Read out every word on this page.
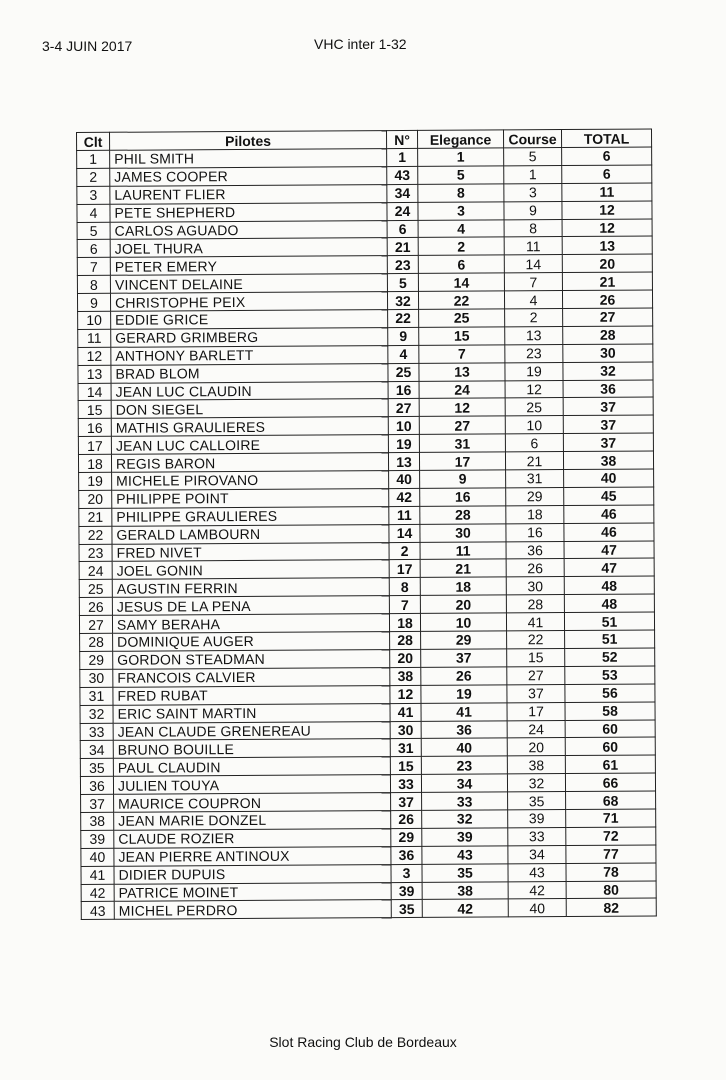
3-4 JUIN 2017	VHC inter 1-32
Clt	Pilotes	N°	Elegance	Course	TOTAL
1	PHIL SMITH	1	1	5	6
2	JAMES COOPER	43	5	1	6
3	LAURENT FLIER	34	8	3	11
4	PETE SHEPHERD	24	3	9	12
5	CARLOS AGUADO	6	4	8	12
6	JOEL THURA	21	2	11	13
7	PETER EMERY	23	6	14	20
8	VINCENT DELAINE	5	14	7	21
9	CHRISTOPHE PEIX	32	22	4	26
10	EDDIE GRICE	22	25	2	27
11	GERARD GRIMBERG	9	15	13	28
12	ANTHONY BARLETT	4	7	23	30
13	BRAD BLOM	25	13	19	32
14	JEAN LUC CLAUDIN	16	24	12	36
15	DON SIEGEL	27	12	25	37
16	MATHIS GRAULIERES	10	27	10	37
17	JEAN LUC CALLOIRE	19	31	6	37
18	REGIS BARON	13	17	21	38
19	MICHELE PIROVANO	40	9	31	40
20	PHILIPPE POINT	42	16	29	45
21	PHILIPPE GRAULIERES	11	28	18	46
22	GERALD LAMBOURN	14	30	16	46
23	FRED NIVET	2	11	36	47
24	JOEL GONIN	17	21	26	47
25	AGUSTIN FERRIN	8	18	30	48
26	JESUS DE LA PENA	7	20	28	48
27	SAMY BERAHA	18	10	41	51
28	DOMINIQUE AUGER	28	29	22	51
29	GORDON STEADMAN	20	37	15	52
30	FRANCOIS CALVIER	38	26	27	53
31	FRED RUBAT	12	19	37	56
32	ERIC SAINT MARTIN	41	41	17	58
33	JEAN CLAUDE GRENEREAU	30	36	24	60
34	BRUNO BOUILLE	31	40	20	60
35	PAUL CLAUDIN	15	23	38	61
36	JULIEN TOUYA	33	34	32	66
37	MAURICE COUPRON	37	33	35	68
38	JEAN MARIE DONZEL	26	32	39	71
39	CLAUDE ROZIER	29	39	33	72
40	JEAN PIERRE ANTINOUX	36	43	34	77
41	DIDIER DUPUIS	3	35	43	78
42	PATRICE MOINET	39	38	42	80
43	MICHEL PERDRO	35	42	40	82
Slot Racing Club de Bordeaux
